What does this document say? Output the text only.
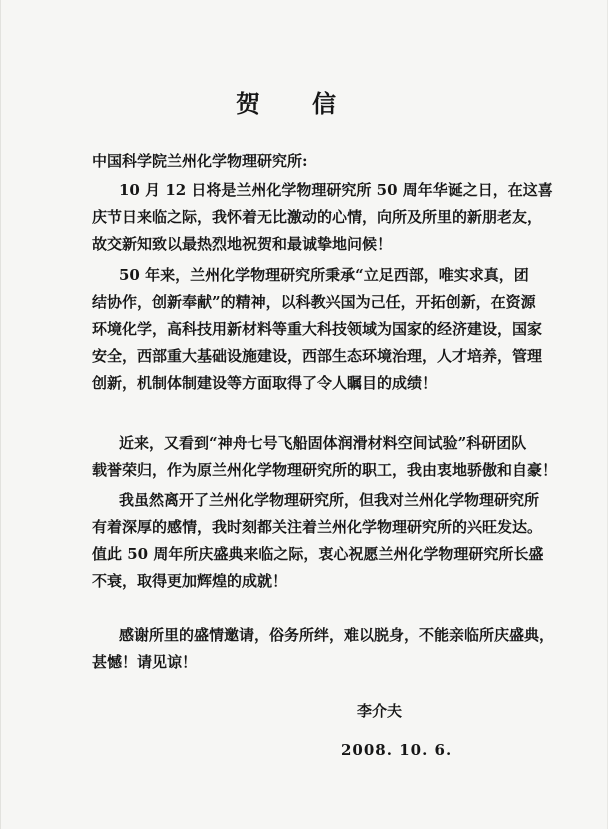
贺信
中国科学院兰州化学物理研究所:
10 月 12 日将是兰州化学物理研究所 50 周年华诞之日，在这喜
庆节日来临之际，我怀着无比激动的心情，向所及所里的新朋老友，
故交新知致以最热烈地祝贺和最诚挚地问候！
50 年来，兰州化学物理研究所秉承“立足西部，唯实求真，团
结协作，创新奉献”的精神，以科教兴国为己任，开拓创新，在资源
环境化学，高科技用新材料等重大科技领域为国家的经济建设，国家
安全，西部重大基础设施建设，西部生态环境治理，人才培养，管理
创新，机制体制建设等方面取得了令人瞩目的成绩！
近来，又看到“神舟七号飞船固体润滑材料空间试验”科研团队
载誉荣归，作为原兰州化学物理研究所的职工，我由衷地骄傲和自豪！
我虽然离开了兰州化学物理研究所，但我对兰州化学物理研究所
有着深厚的感情，我时刻都关注着兰州化学物理研究所的兴旺发达。
值此 50 周年所庆盛典来临之际，衷心祝愿兰州化学物理研究所长盛
不衰，取得更加辉煌的成就！
感谢所里的盛情邀请，俗务所绊，难以脱身，不能亲临所庆盛典，
甚憾！请见谅！
李介夫
2008. 10. 6.
